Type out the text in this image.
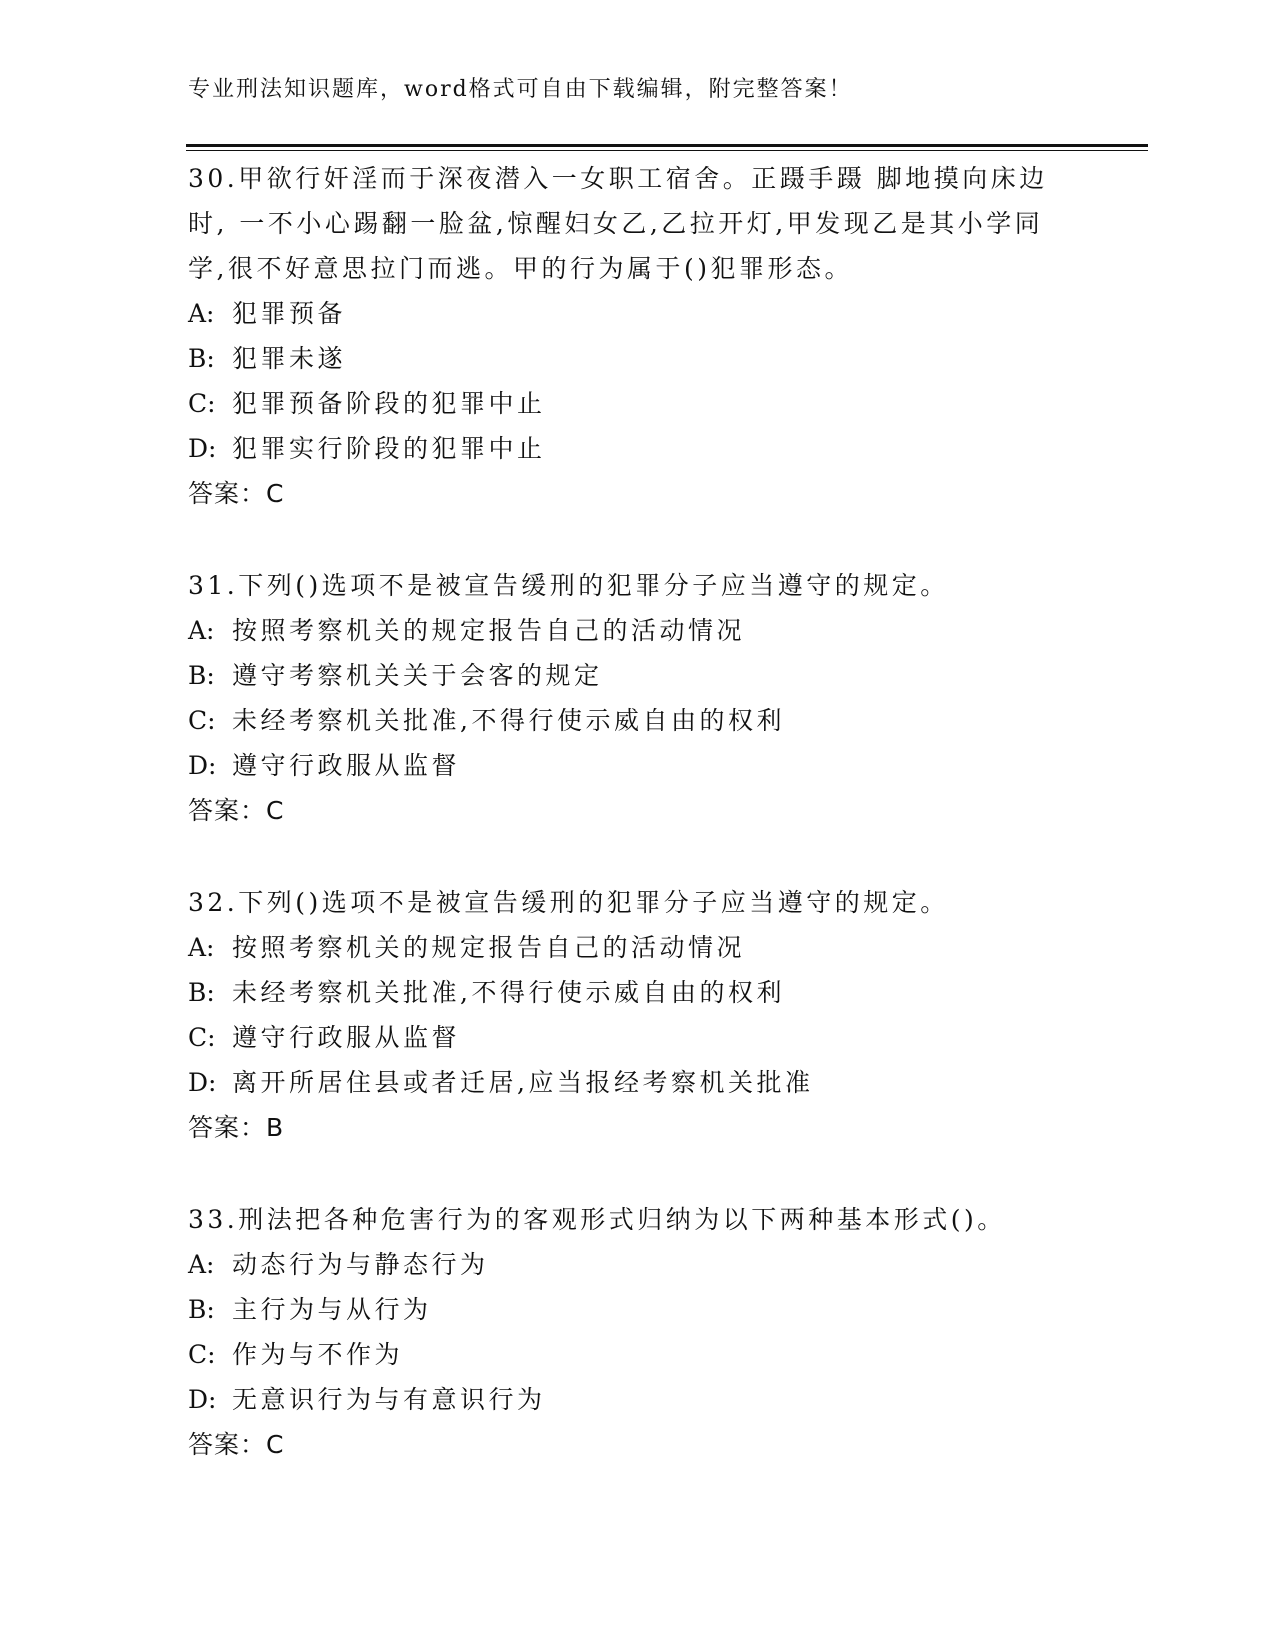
专业刑法知识题库，word格式可自由下载编辑，附完整答案！

30.甲欲行奸淫而于深夜潜入一女职工宿舍。正蹑手蹑 脚地摸向床边

时, 一不小心踢翻一脸盆,惊醒妇女乙,乙拉开灯,甲发现乙是其小学同

学,很不好意思拉门而逃。甲的行为属于()犯罪形态。

A: 犯罪预备

B: 犯罪未遂

C: 犯罪预备阶段的犯罪中止

D: 犯罪实行阶段的犯罪中止

答案：C

31.下列()选项不是被宣告缓刑的犯罪分子应当遵守的规定。

A: 按照考察机关的规定报告自己的活动情况

B: 遵守考察机关关于会客的规定

C: 未经考察机关批准,不得行使示威自由的权利

D: 遵守行政服从监督

答案：C

32.下列()选项不是被宣告缓刑的犯罪分子应当遵守的规定。

A: 按照考察机关的规定报告自己的活动情况

B: 未经考察机关批准,不得行使示威自由的权利

C: 遵守行政服从监督

D: 离开所居住县或者迁居,应当报经考察机关批准

答案：B

33.刑法把各种危害行为的客观形式归纳为以下两种基本形式()。

A: 动态行为与静态行为

B: 主行为与从行为

C: 作为与不作为

D: 无意识行为与有意识行为

答案：C
